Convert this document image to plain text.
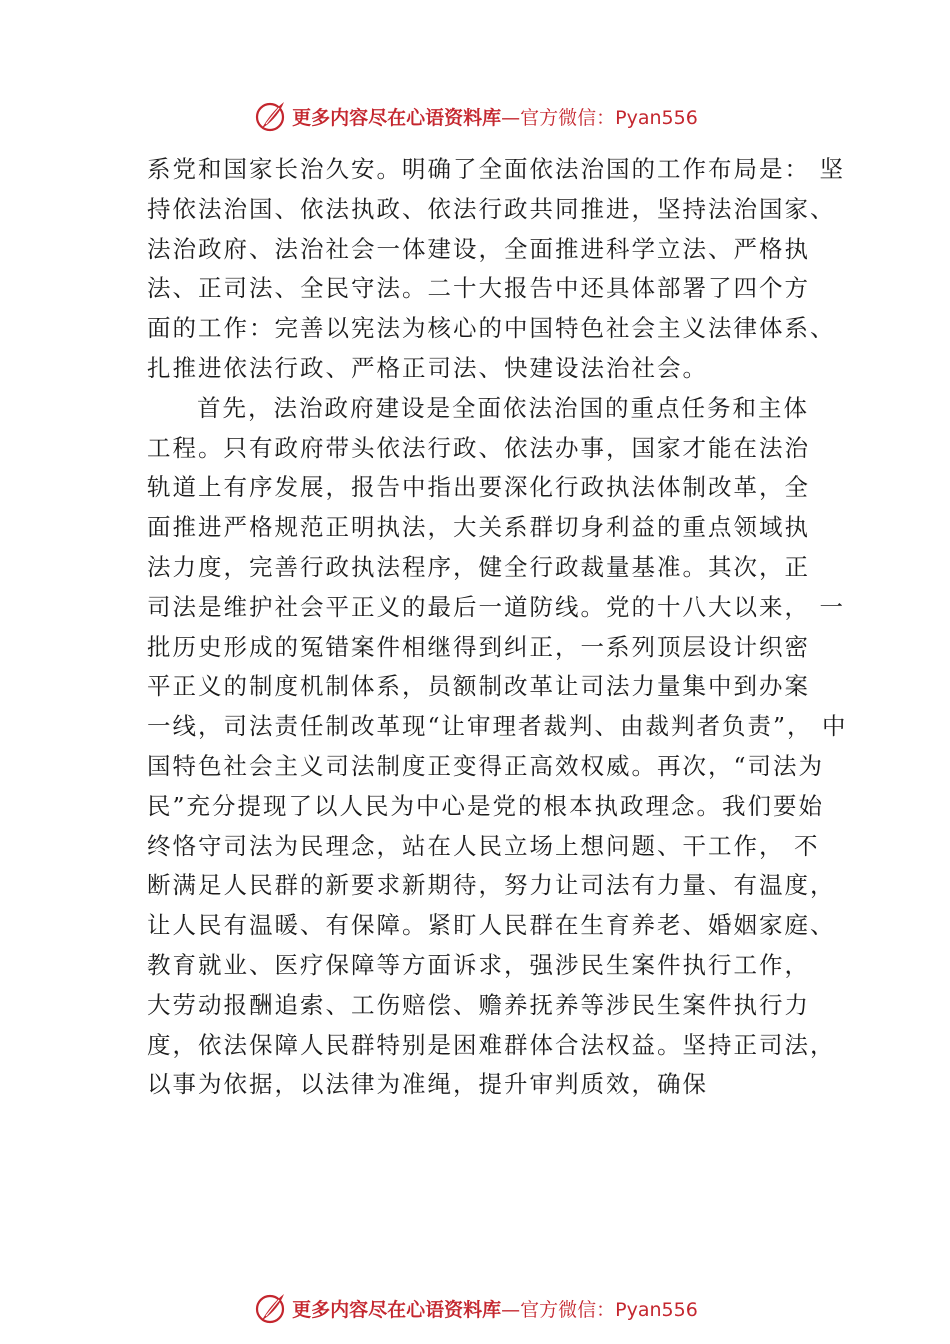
更多内容尽在心语资料库 —官方微信：Pyan556
系党和国家长治久安。明确了全面依法治国的工作布局是： 坚
持依法治国、依法执政、依法行政共同推进，坚持法治国家、
法治政府、法治社会一体建设，全面推进科学立法、严格执
法、正司法、全民守法。二十大报告中还具体部署了四个方
面的工作：完善以宪法为核心的中国特色社会主义法律体系、
扎推进依法行政、严格正司法、快建设法治社会。
首先，法治政府建设是全面依法治国的重点任务和主体
工程。只有政府带头依法行政、依法办事，国家才能在法治
轨道上有序发展，报告中指出要深化行政执法体制改革，全
面推进严格规范正明执法，大关系群切身利益的重点领域执
法力度，完善行政执法程序，健全行政裁量基准。其次，正
司法是维护社会平正义的最后一道防线。党的十八大以来， 一
批历史形成的冤错案件相继得到纠正，一系列顶层设计织密
平正义的制度机制体系，员额制改革让司法力量集中到办案
一线，司法责任制改革现“让审理者裁判、由裁判者负责”， 中
国特色社会主义司法制度正变得正高效权威。再次，“司法为
民”充分提现了以人民为中心是党的根本执政理念。我们要始
终恪守司法为民理念，站在人民立场上想问题、干工作， 不
断满足人民群的新要求新期待，努力让司法有力量、有温度，
让人民有温暖、有保障。紧盯人民群在生育养老、婚姻家庭、
教育就业、医疗保障等方面诉求，强涉民生案件执行工作，
大劳动报酬追索、工伤赔偿、赡养抚养等涉民生案件执行力
度，依法保障人民群特别是困难群体合法权益。坚持正司法，
以事为依据，以法律为准绳，提升审判质效，确保
更多内容尽在心语资料库 —官方微信：Pyan556
